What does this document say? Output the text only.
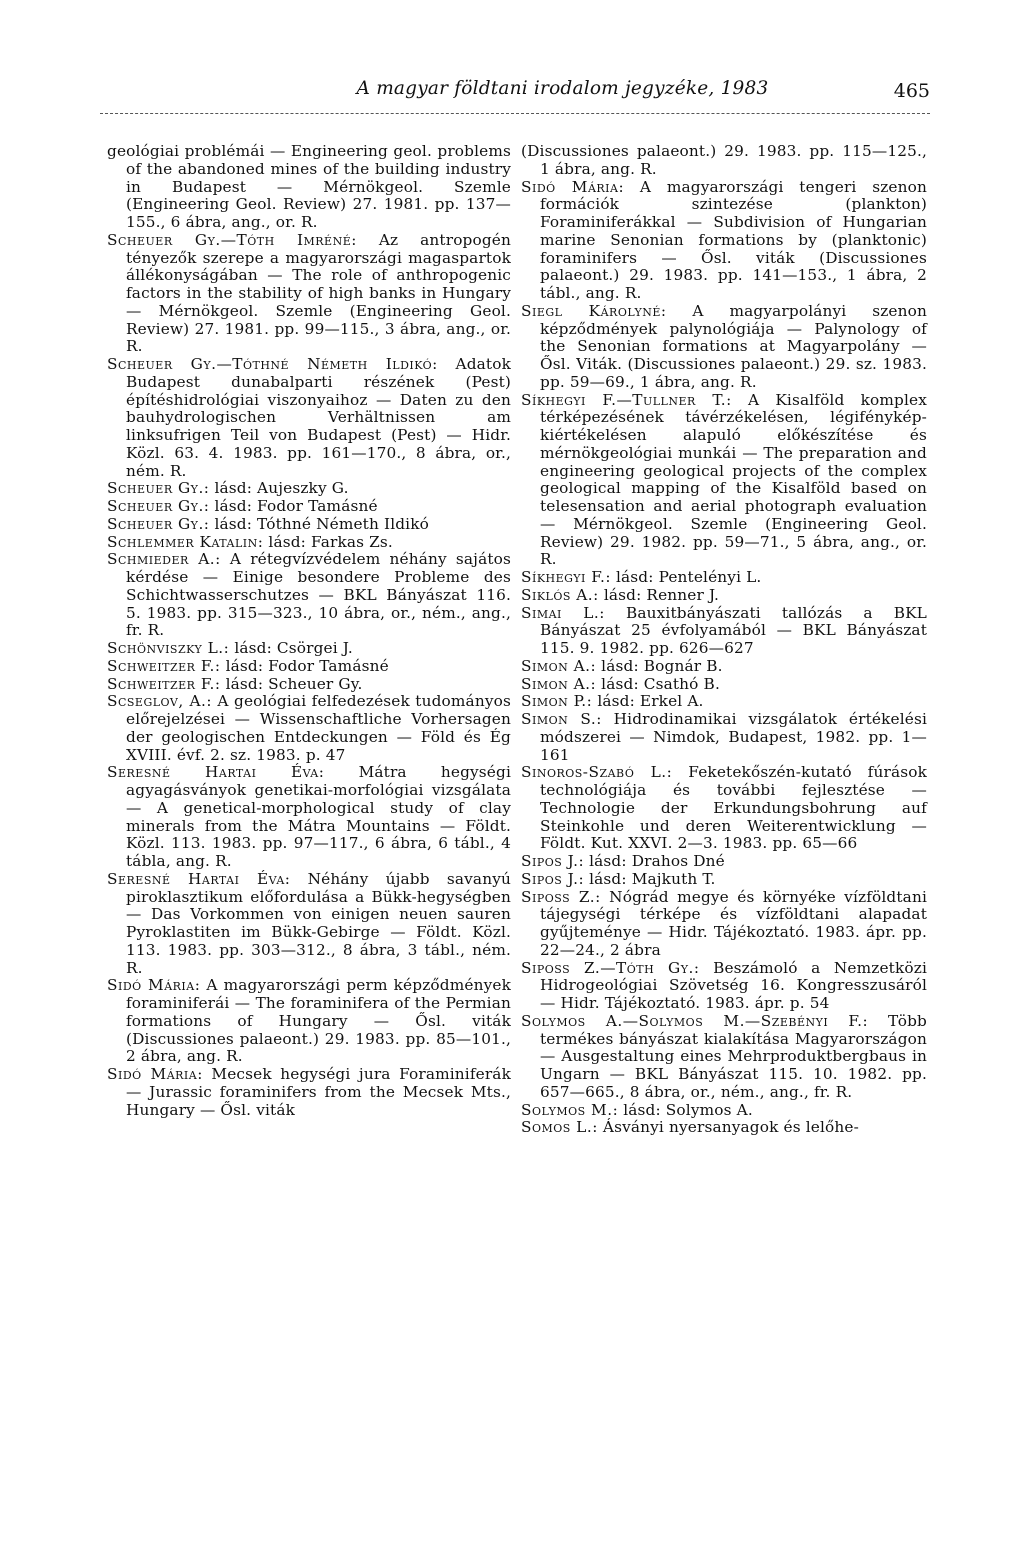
A magyar földtani irodalom jegyzéke, 1983	465

geológiai problémái — Engineering geol. problems of the abandoned mines of the building industry in Budapest — Mérnökgeol. Szemle (Engineering Geol. Review) 27. 1981. pp. 137—155., 6 ábra, ang., or. R.

Scheuer Gy.—Tóth Imréné: Az antropogén tényezők szerepe a magyarországi magaspartok állékonyságában — The role of anthropogenic factors in the stability of high banks in Hungary — Mérnökgeol. Szemle (Engineering Geol. Review) 27. 1981. pp. 99—115., 3 ábra, ang., or. R.

Scheuer Gy.—Tóthné Németh Ildikó: Adatok Budapest dunabalparti részének (Pest) építéshidrológiai viszonyaihoz — Daten zu den bauhydrologischen Verhältnissen am linksufrigen Teil von Budapest (Pest) — Hidr. Közl. 63. 4. 1983. pp. 161—170., 8 ábra, or., ném. R.

Scheuer Gy.: lásd: Aujeszky G.

Scheuer Gy.: lásd: Fodor Tamásné

Scheuer Gy.: lásd: Tóthné Németh Ildikó

Schlemmer Katalin: lásd: Farkas Zs.

Schmieder A.: A rétegvízvédelem néhány sajátos kérdése — Einige besondere Probleme des Schichtwasserschutzes — BKL Bányászat 116. 5. 1983. pp. 315—323., 10 ábra, or., ném., ang., fr. R.

Schönviszky L.: lásd: Csörgei J.

Schweitzer F.: lásd: Fodor Tamásné

Schweitzer F.: lásd: Scheuer Gy.

Scseglov, A.: A geológiai felfedezések tudományos előrejelzései — Wissenschaftliche Vorhersagen der geologischen Entdeckungen — Föld és Ég XVIII. évf. 2. sz. 1983. p. 47

Seresné Hartai Éva: Mátra hegységi agyagásványok genetikai-morfológiai vizsgálata — A genetical-morphological study of clay minerals from the Mátra Mountains — Földt. Közl. 113. 1983. pp. 97—117., 6 ábra, 6 tábl., 4 tábla, ang. R.

Seresné Hartai Éva: Néhány újabb savanyú piroklasztikum előfordulása a Bükk-hegységben — Das Vorkommen von einigen neuen sauren Pyroklastiten im Bükk-Gebirge — Földt. Közl. 113. 1983. pp. 303—312., 8 ábra, 3 tábl., ném. R.

Sidó Mária: A magyarországi perm képződmények foraminiferái — The foraminifera of the Permian formations of Hungary — Ősl. viták (Discussiones palaeont.) 29. 1983. pp. 85—101., 2 ábra, ang. R.

Sidó Mária: Mecsek hegységi jura Foraminiferák — Jurassic foraminifers from the Mecsek Mts., Hungary — Ősl. viták

(Discussiones palaeont.) 29. 1983. pp. 115—125., 1 ábra, ang. R.

Sidó Mária: A magyarországi tengeri szenon formációk szintezése (plankton) Foraminiferákkal — Subdivision of Hungarian marine Senonian formations by (planktonic) foraminifers — Ősl. viták (Discussiones palaeont.) 29. 1983. pp. 141—153., 1 ábra, 2 tábl., ang. R.

Siegl Károlyné: A magyarpolányi szenon képződmények palynológiája — Palynology of the Senonian formations at Magyarpolány — Ősl. Viták. (Discussiones palaeont.) 29. sz. 1983. pp. 59—69., 1 ábra, ang. R.

Síkhegyi F.—Tullner T.: A Kisalföld komplex térképezésének távérzékelésen, légifénykép-kiértékelésen alapuló előkészítése és mérnökgeológiai munkái — The preparation and engineering geological projects of the complex geological mapping of the Kisalföld based on telesensation and aerial photograph evaluation — Mérnökgeol. Szemle (Engineering Geol. Review) 29. 1982. pp. 59—71., 5 ábra, ang., or. R.

Síkhegyi F.: lásd: Pentelényi L.

Siklós A.: lásd: Renner J.

Simai L.: Bauxitbányászati tallózás a BKL Bányászat 25 évfolyamából — BKL Bányászat 115. 9. 1982. pp. 626—627

Simon A.: lásd: Bognár B.

Simon A.: lásd: Csathó B.

Simon P.: lásd: Erkel A.

Simon S.: Hidrodinamikai vizsgálatok értékelési módszerei — Nimdok, Budapest, 1982. pp. 1—161

Sinoros-Szabó L.: Feketekőszén-kutató fúrások technológiája és további fejlesztése — Technologie der Erkundungsbohrung auf Steinkohle und deren Weiterentwicklung — Földt. Kut. XXVI. 2—3. 1983. pp. 65—66

Sipos J.: lásd: Drahos Dné

Sipos J.: lásd: Majkuth T.

Siposs Z.: Nógrád megye és környéke vízföldtani tájegységi térképe és vízföldtani alapadat gyűjteménye — Hidr. Tájékoztató. 1983. ápr. pp. 22—24., 2 ábra

Siposs Z.—Tóth Gy.: Beszámoló a Nemzetközi Hidrogeológiai Szövetség 16. Kongresszusáról — Hidr. Tájékoztató. 1983. ápr. p. 54

Solymos A.—Solymos M.—Szebényi F.: Több termékes bányászat kialakítása Magyarországon — Ausgestaltung eines Mehrproduktbergbaus in Ungarn — BKL Bányászat 115. 10. 1982. pp. 657—665., 8 ábra, or., ném., ang., fr. R.

Solymos M.: lásd: Solymos A.

Somos L.: Ásványi nyersanyagok és lelőhe-
